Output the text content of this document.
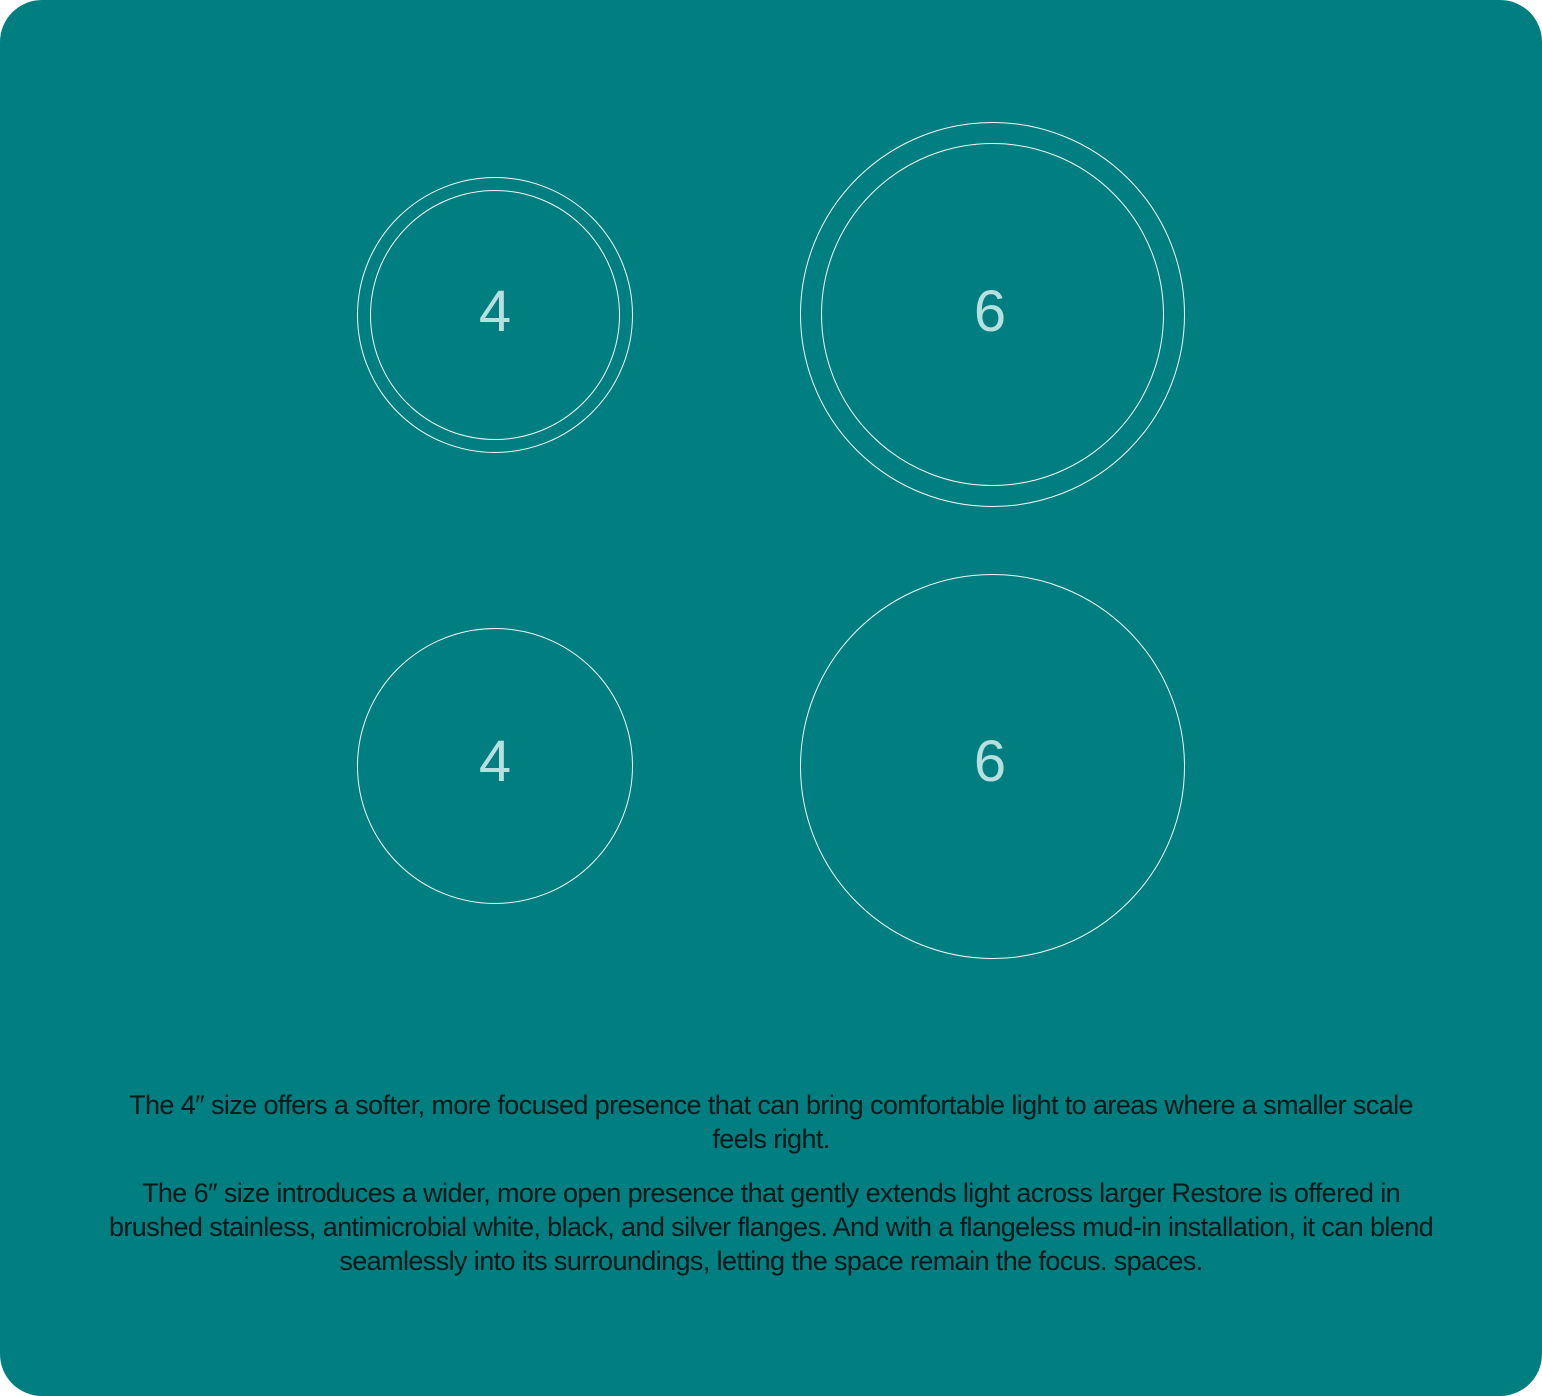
4	6
4	6

The 4″ size offers a softer, more focused presence that can bring comfortable light to areas where a smaller scale feels right.

The 6″ size introduces a wider, more open presence that gently extends light across larger Restore is offered in brushed stainless, antimicrobial white, black, and silver flanges. And with a flangeless mud-in installation, it can blend seamlessly into its surroundings, letting the space remain the focus. spaces.
